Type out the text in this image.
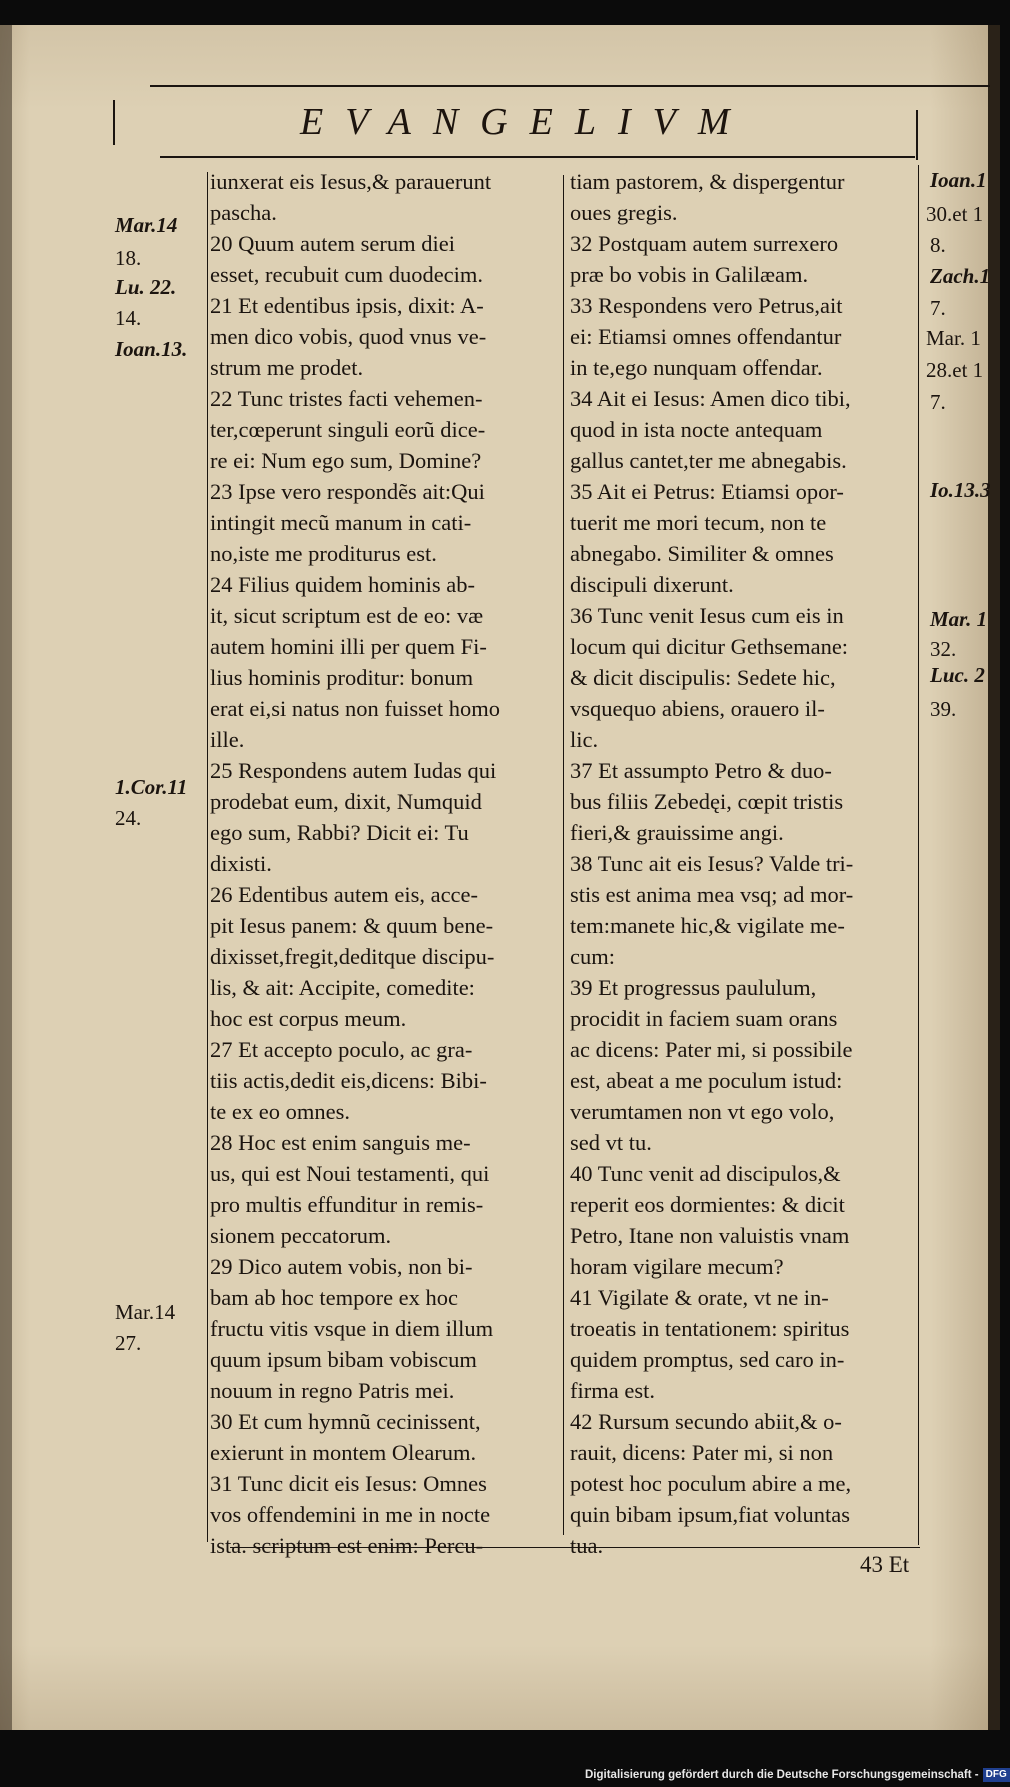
EVANGELIVM
iunxerat eis Iesus,& parauerunt
pascha.
20 Quum autem serum diei
esset, recubuit cum duodecim.
21 Et edentibus ipsis, dixit: A-
men dico vobis, quod vnus ve-
strum me prodet.
22 Tunc tristes facti vehemen-
ter,cœperunt singuli eorũ dice-
re ei: Num ego sum, Domine?
23 Ipse vero respondẽs ait:Qui
intingit mecũ manum in cati-
no,iste me proditurus est.
24 Filius quidem hominis ab-
it, sicut scriptum est de eo: væ
autem homini illi per quem Fi-
lius hominis proditur: bonum
erat ei,si natus non fuisset homo
ille.
25 Respondens autem Iudas qui
prodebat eum, dixit, Numquid
ego sum, Rabbi? Dicit ei: Tu
dixisti.
26 Edentibus autem eis, acce-
pit Iesus panem: & quum bene-
dixisset,fregit,deditque discipu-
lis, & ait: Accipite, comedite:
hoc est corpus meum.
27 Et accepto poculo, ac gra-
tiis actis,dedit eis,dicens: Bibi-
te ex eo omnes.
28 Hoc est enim sanguis me-
us, qui est Noui testamenti, qui
pro multis effunditur in remis-
sionem peccatorum.
29 Dico autem vobis, non bi-
bam ab hoc tempore ex hoc
fructu vitis vsque in diem illum
quum ipsum bibam vobiscum
nouum in regno Patris mei.
30 Et cum hymnũ cecinissent,
exierunt in montem Olearum.
31 Tunc dicit eis Iesus: Omnes
vos offendemini in me in nocte
ista. scriptum est enim: Percu-
tiam pastorem, & dispergentur
oues gregis.
32 Postquam autem surrexero
præ bo vobis in Galilæam.
33 Respondens vero Petrus,ait
ei: Etiamsi omnes offendantur
in te,ego nunquam offendar.
34 Ait ei Iesus: Amen dico tibi,
quod in ista nocte antequam
gallus cantet,ter me abnegabis.
35 Ait ei Petrus: Etiamsi opor-
tuerit me mori tecum, non te
abnegabo. Similiter & omnes
discipuli dixerunt.
36 Tunc venit Iesus cum eis in
locum qui dicitur Gethsemane:
& dicit discipulis: Sedete hic,
vsquequo abiens, orauero il-
lic.
37 Et assumpto Petro & duo-
bus filiis Zebedęi, cœpit tristis
fieri,& grauissime angi.
38 Tunc ait eis Iesus? Valde tri-
stis est anima mea vsq; ad mor-
tem:manete hic,& vigilate me-
cum:
39 Et progressus paululum,
procidit in faciem suam orans
ac dicens: Pater mi, si possibile
est, abeat a me poculum istud:
verumtamen non vt ego volo,
sed vt tu.
40 Tunc venit ad discipulos,&
reperit eos dormientes: & dicit
Petro, Itane non valuistis vnam
horam vigilare mecum?
41 Vigilate & orate, vt ne in-
troeatis in tentationem: spiritus
quidem promptus, sed caro in-
firma est.
42 Rursum secundo abiit,& o-
rauit, dicens: Pater mi, si non
potest hoc poculum abire a me,
quin bibam ipsum,fiat voluntas
tua.
Mar.14
18.
Lu. 22.
14.
Ioan.13.
1.Cor.11
24.
Mar.14
27.
Ioan.1
30.et 1
8.
Zach.1
7.
Mar. 1
28.et 1
7.
Io.13.3
Mar. 1
32.
Luc. 2
39.
43 Et
Digitalisierung gefördert durch die Deutsche Forschungsgemeinschaft - DFG
